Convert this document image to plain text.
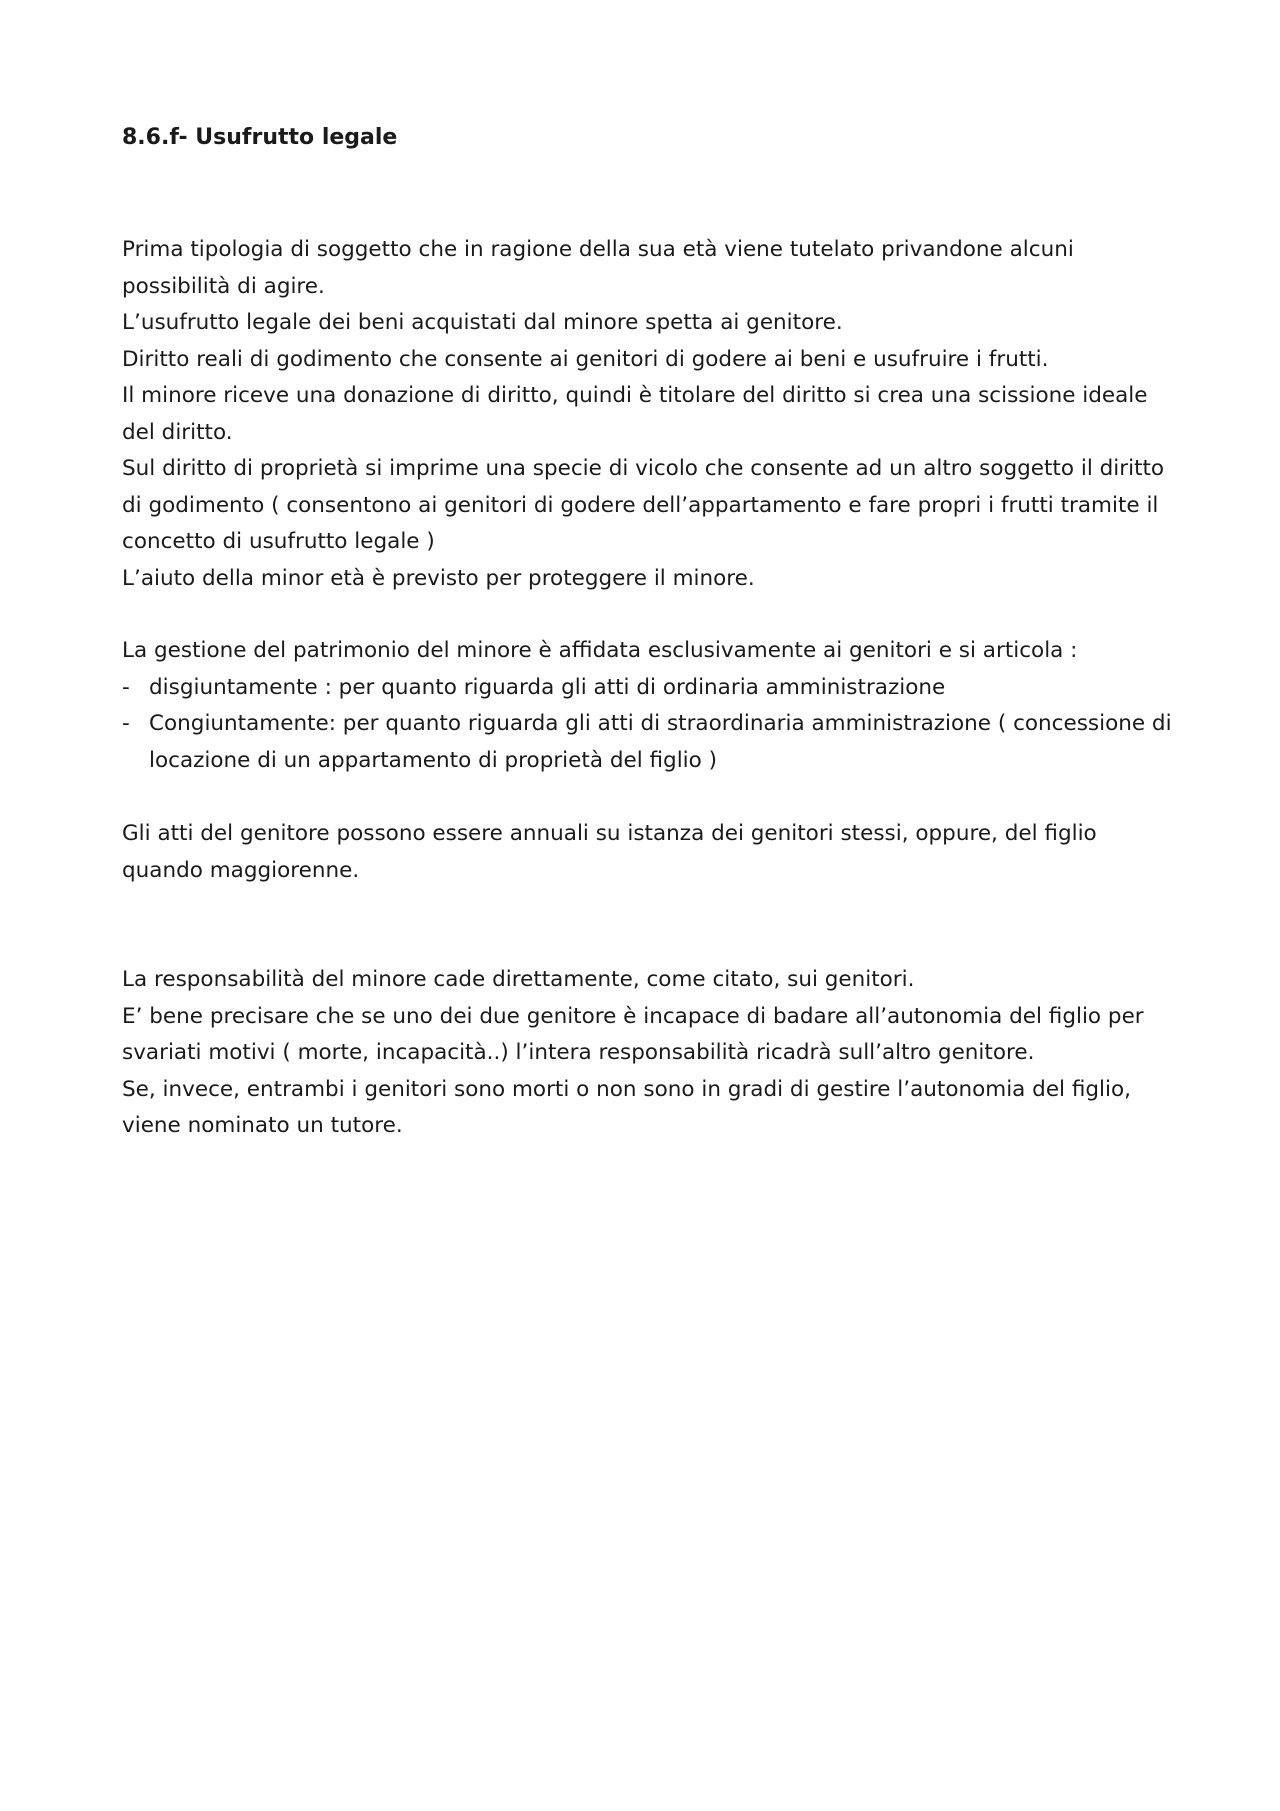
8.6.f- Usufrutto legale

Prima tipologia di soggetto che in ragione della sua età viene tutelato privandone alcuni possibilità di agire.

L’usufrutto legale dei beni acquistati dal minore spetta ai genitore.

Diritto reali di godimento che consente ai genitori di godere ai beni e usufruire i frutti.

Il minore riceve una donazione di diritto, quindi è titolare del diritto si crea una scissione ideale del diritto.

Sul diritto di proprietà si imprime una specie di vicolo che consente ad un altro soggetto il diritto di godimento ( consentono ai genitori di godere dell’appartamento e fare propri i frutti tramite il concetto di usufrutto legale )

L’aiuto della minor età è previsto per proteggere il minore.

La gestione del patrimonio del minore è affidata esclusivamente ai genitori e si articola :

- disgiuntamente : per quanto riguarda gli atti di ordinaria amministrazione
- Congiuntamente: per quanto riguarda gli atti di straordinaria amministrazione ( concessione di locazione di un appartamento di proprietà del figlio )

Gli atti del genitore possono essere annuali su istanza dei genitori stessi, oppure, del figlio quando maggiorenne.

La responsabilità del minore cade direttamente, come citato, sui genitori.

E’ bene precisare che se uno dei due genitore è incapace di badare all’autonomia del figlio per svariati motivi ( morte, incapacità..) l’intera responsabilità ricadrà sull’altro genitore.

Se, invece, entrambi i genitori sono morti o non sono in gradi di gestire l’autonomia del figlio, viene nominato un tutore.
